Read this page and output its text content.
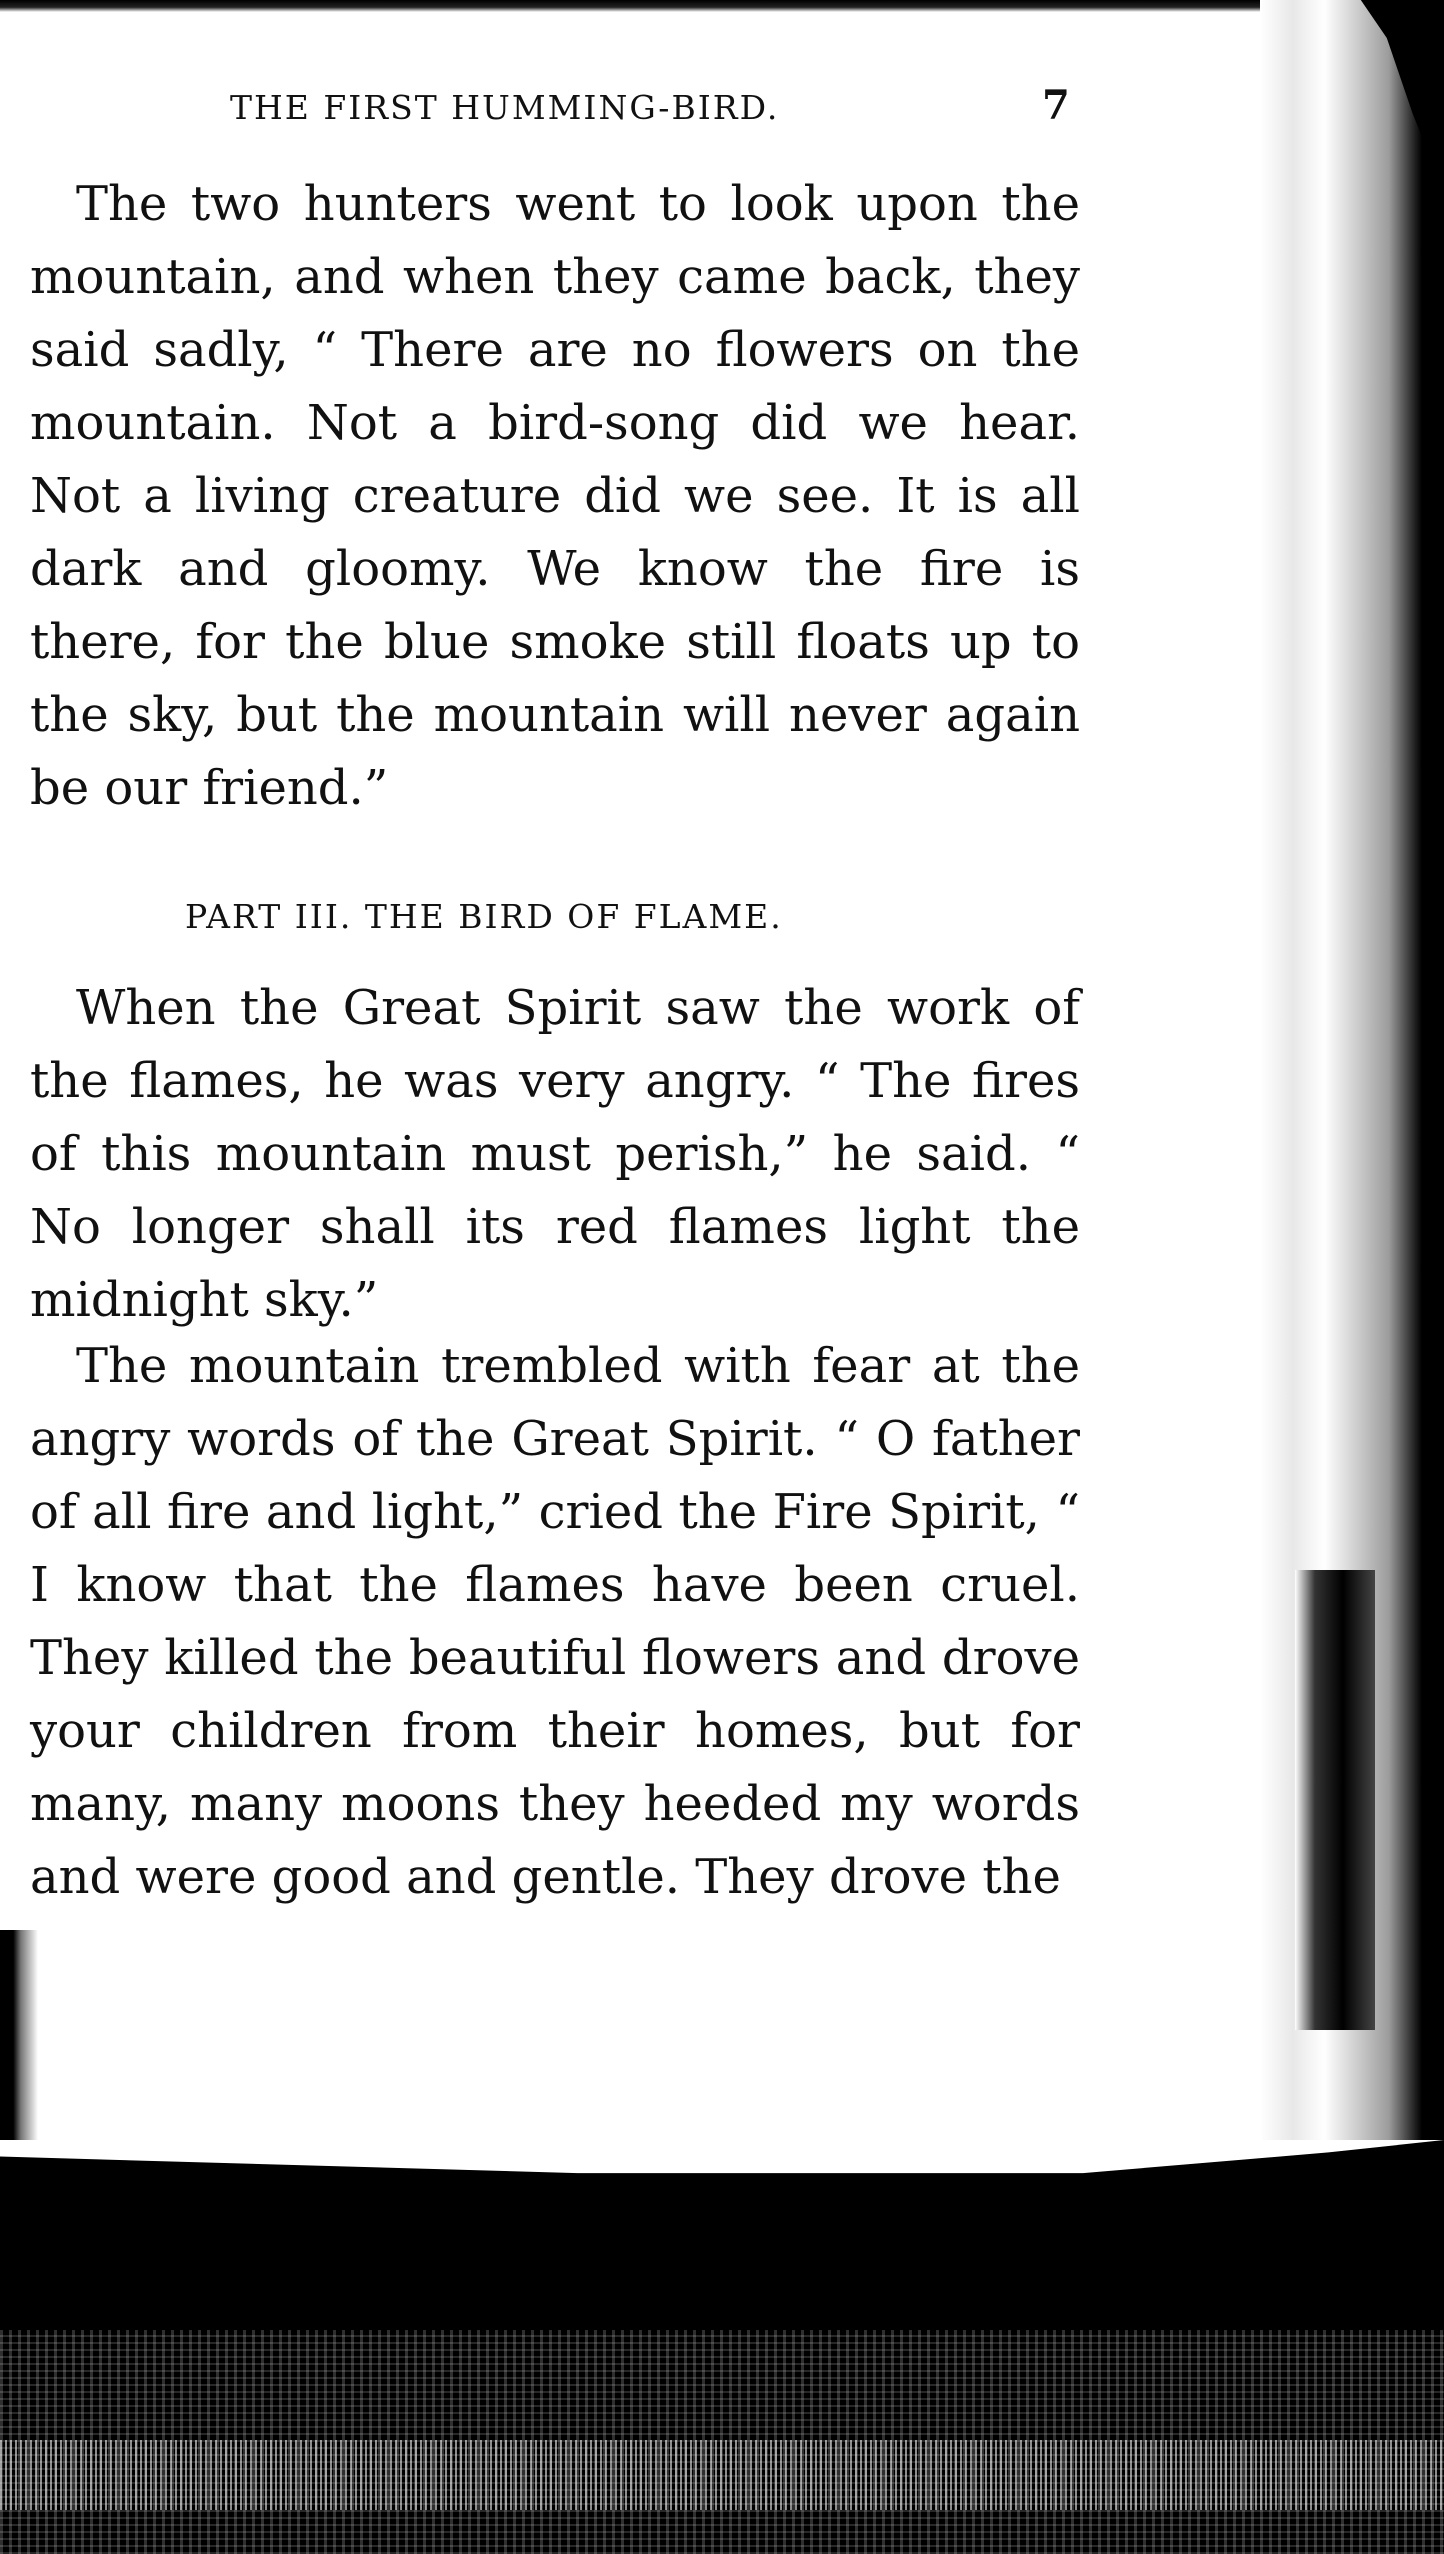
THE FIRST HUMMING-BIRD.	7

The two hunters went to look upon the mountain, and when they came back, they said sadly, “ There are no flowers on the mountain. Not a bird-song did we hear. Not a living creature did we see. It is all dark and gloomy. We know the fire is there, for the blue smoke still floats up to the sky, but the mountain will never again be our friend.”

PART III. THE BIRD OF FLAME.

When the Great Spirit saw the work of the flames, he was very angry. “ The fires of this mountain must perish,” he said. “ No longer shall its red flames light the midnight sky.”

The mountain trembled with fear at the angry words of the Great Spirit. “ O father of all fire and light,” cried the Fire Spirit, “ I know that the flames have been cruel. They killed the beautiful flowers and drove your children from their homes, but for many, many moons they heeded my words and were good and gentle. They drove the
